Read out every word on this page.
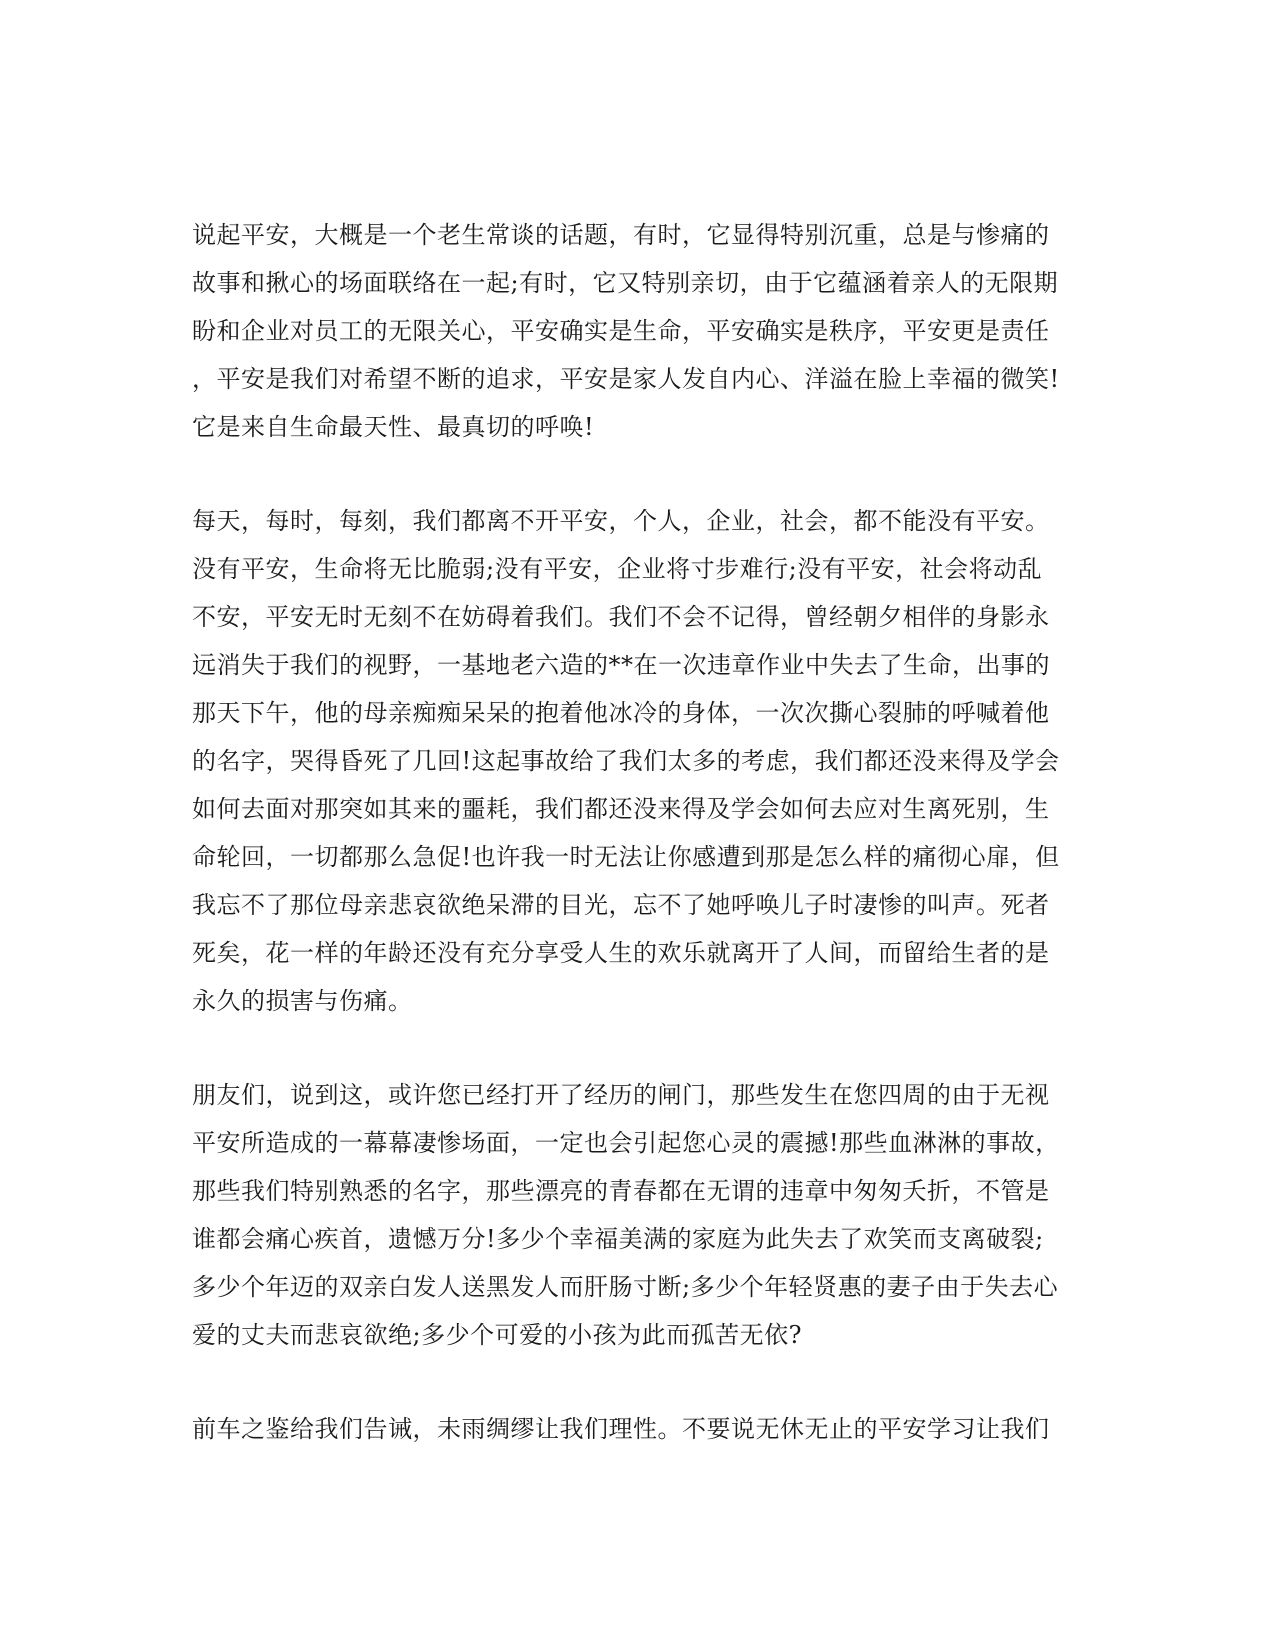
说起平安，大概是一个老生常谈的话题，有时，它显得特别沉重，总是与惨痛的
故事和揪心的场面联络在一起;有时，它又特别亲切，由于它蕴涵着亲人的无限期
盼和企业对员工的无限关心，平安确实是生命，平安确实是秩序，平安更是责任
，平安是我们对希望不断的追求，平安是家人发自内心、洋溢在脸上幸福的微笑!
它是来自生命最天性、最真切的呼唤!

每天，每时，每刻，我们都离不开平安，个人，企业，社会，都不能没有平安。
没有平安，生命将无比脆弱;没有平安，企业将寸步难行;没有平安，社会将动乱
不安，平安无时无刻不在妨碍着我们。我们不会不记得，曾经朝夕相伴的身影永
远消失于我们的视野，一基地老六造的**在一次违章作业中失去了生命，出事的
那天下午，他的母亲痴痴呆呆的抱着他冰冷的身体，一次次撕心裂肺的呼喊着他
的名字，哭得昏死了几回!这起事故给了我们太多的考虑，我们都还没来得及学会
如何去面对那突如其来的噩耗，我们都还没来得及学会如何去应对生离死别，生
命轮回，一切都那么急促!也许我一时无法让你感遭到那是怎么样的痛彻心扉，但
我忘不了那位母亲悲哀欲绝呆滞的目光，忘不了她呼唤儿子时凄惨的叫声。死者
死矣，花一样的年龄还没有充分享受人生的欢乐就离开了人间，而留给生者的是
永久的损害与伤痛。

朋友们，说到这，或许您已经打开了经历的闸门，那些发生在您四周的由于无视
平安所造成的一幕幕凄惨场面，一定也会引起您心灵的震撼!那些血淋淋的事故，
那些我们特别熟悉的名字，那些漂亮的青春都在无谓的违章中匆匆夭折，不管是
谁都会痛心疾首，遗憾万分!多少个幸福美满的家庭为此失去了欢笑而支离破裂;
多少个年迈的双亲白发人送黑发人而肝肠寸断;多少个年轻贤惠的妻子由于失去心
爱的丈夫而悲哀欲绝;多少个可爱的小孩为此而孤苦无依?

前车之鉴给我们告诫，未雨绸缪让我们理性。不要说无休无止的平安学习让我们
